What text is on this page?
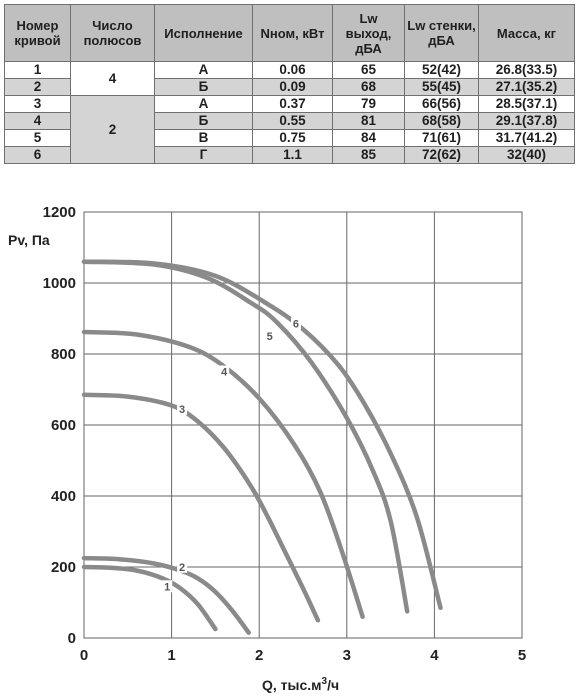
Номер кривой	Число полюсов	Исполнение	Nном, кВт	Lw выход, дБА	Lw стенки, дБА	Масса, кг
1	4	А	0.06	65	52(42)	26.8(33.5)
2		Б	0.09	68	55(45)	27.1(35.2)
3	2	А	0.37	79	66(56)	28.5(37.1)
4		Б	0.55	81	68(58)	29.1(37.8)
5		В	0.75	84	71(61)	31.7(41.2)
6		Г	1.1	85	72(62)	32(40)
0	1	2	3	4	5
0
200
400
600
800
1000
1200
1
2
3
4
5
6
Pv, Па
Q, $тыс.м^3/ч$
